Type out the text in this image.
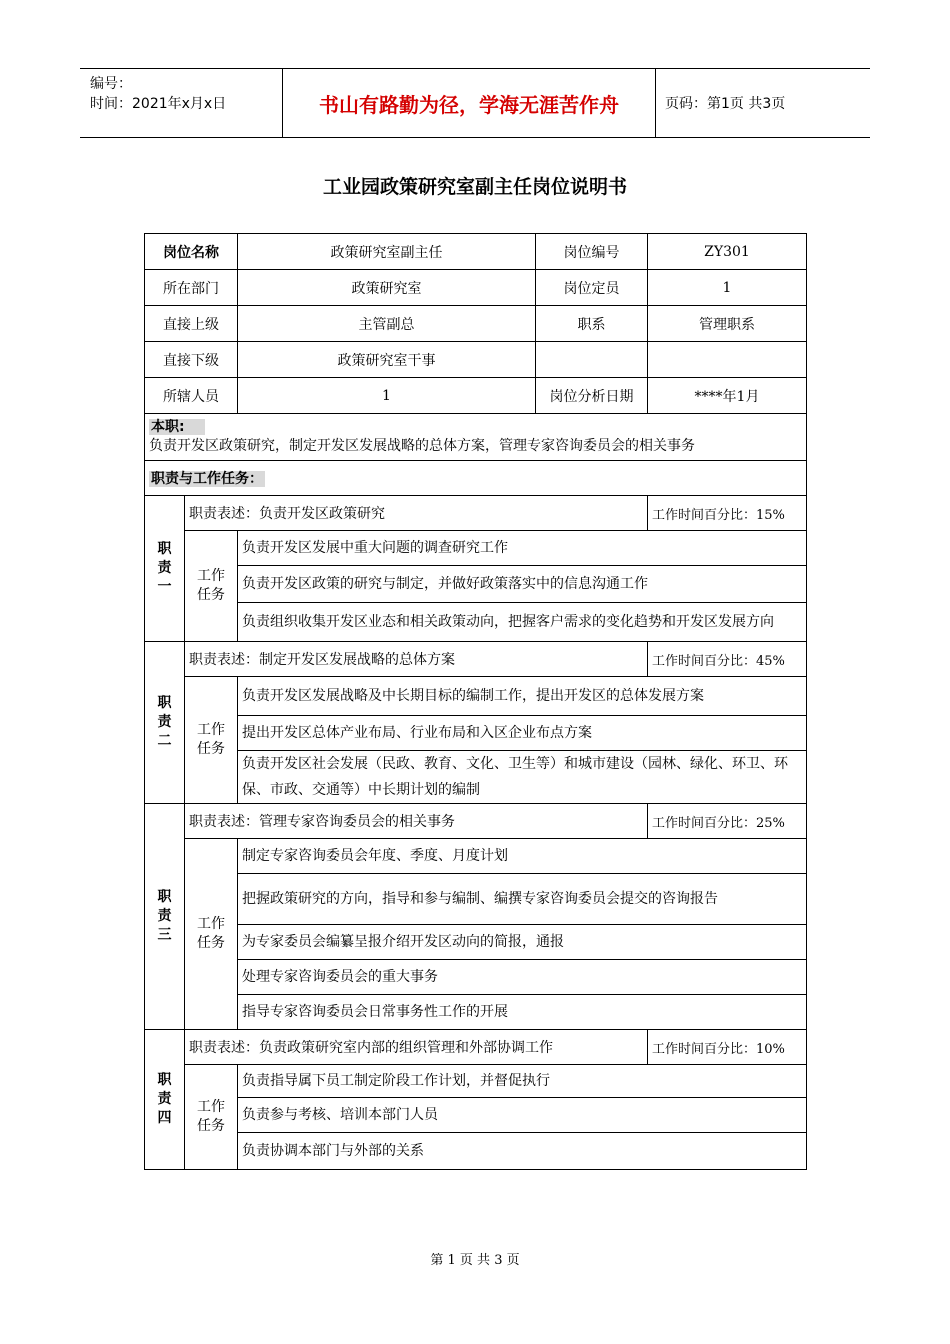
编号：
时间：2021年x月x日	书山有路勤为径，学海无涯苦作舟	页码：第1页 共3页
工业园政策研究室副主任岗位说明书
岗位名称		政策研究室副主任	岗位编号	ZY301
所在部门		政策研究室	岗位定员	1
直接上级		主管副总	职系	管理职系
直接下级		政策研究室干事		
所辖人员		1	岗位分析日期	****年1月
本职:
负责开发区政策研究，制定开发区发展战略的总体方案，管理专家咨询委员会的相关事务				
职责与工作任务：				
职
责
一	职责表述：负责开发区政策研究			工作时间百分比：15%
	工作
任务	负责开发区发展中重大问题的调查研究工作		
		负责开发区政策的研究与制定，并做好政策落实中的信息沟通工作		
		负责组织收集开发区业态和相关政策动向，把握客户需求的变化趋势和开发区发展方向		
职
责
二	职责表述：制定开发区发展战略的总体方案			工作时间百分比：45%
	工作
任务	负责开发区发展战略及中长期目标的编制工作，提出开发区的总体发展方案		
		提出开发区总体产业布局、行业布局和入区企业布点方案		
		负责开发区社会发展（民政、教育、文化、卫生等）和城市建设（园林、绿化、环卫、环保、市政、交通等）中长期计划的编制		
职
责
三	职责表述：管理专家咨询委员会的相关事务			工作时间百分比：25%
	工作
任务	制定专家咨询委员会年度、季度、月度计划		
		把握政策研究的方向，指导和参与编制、编撰专家咨询委员会提交的咨询报告		
		为专家委员会编纂呈报介绍开发区动向的简报，通报		
		处理专家咨询委员会的重大事务		
		指导专家咨询委员会日常事务性工作的开展		
职
责
四	职责表述：负责政策研究室内部的组织管理和外部协调工作			工作时间百分比：10%
	工作
任务	负责指导属下员工制定阶段工作计划，并督促执行		
		负责参与考核、培训本部门人员		
		负责协调本部门与外部的关系		
第 1 页 共 3 页
